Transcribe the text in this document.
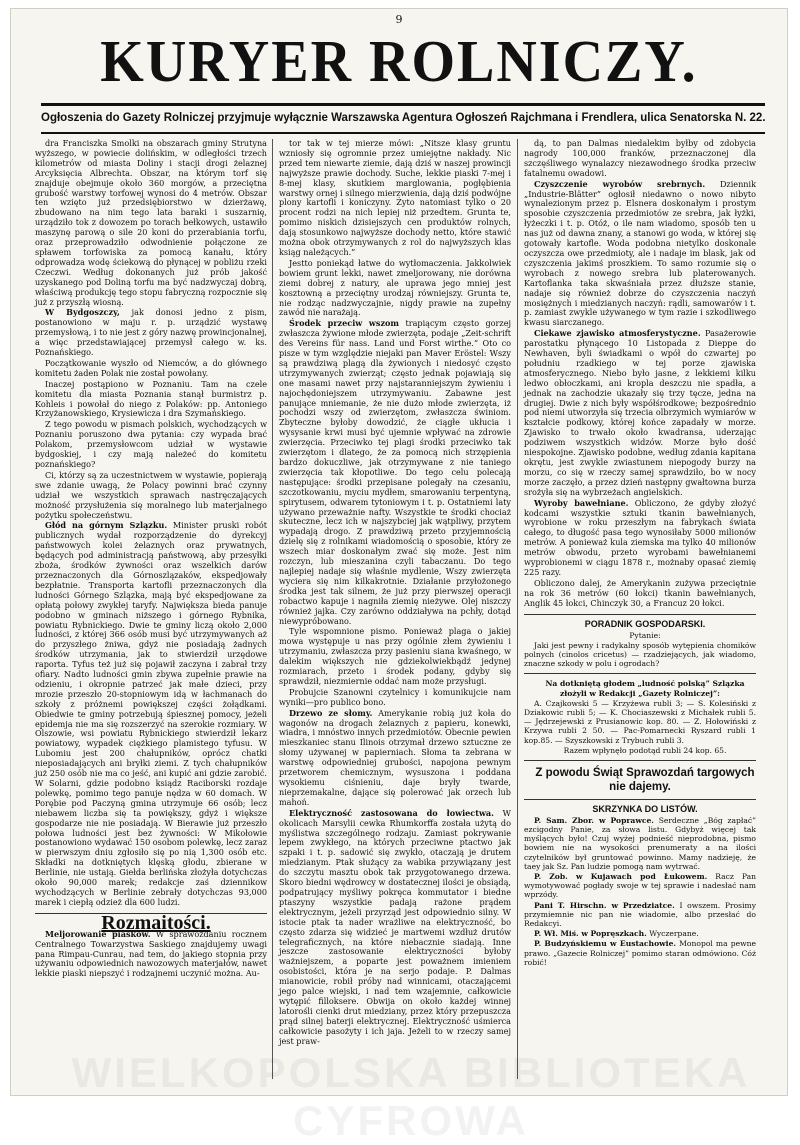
9
KURYER ROLNICZY.
Ogłoszenia do Gazety Rolniczej przyjmuje wyłącznie Warszawska Agentura Ogłoszeń Rajchmana i Frendlera, ulica Senatorska N. 22.

dra Franciszka Smolki na obszarach gminy Strutyna wyższego, w powiecie dolińskim, w odległości trzech kilometrów od miasta Doliny i stacji drogi żelaznej Arcyksięcia Albrechta. Obszar, na którym torf się znajduje obejmuje około 360 morgów, a przeciętna grubość warstwy torfowej wynosi do 4 metrów. Obszar ten wzięto już przedsiębiorstwo w dzierżawę, zbudowano na nim tego lata baraki i suszarnię, urządziło tok z dowozem po torach bełkowych, ustawiło maszynę parową o sile 20 koni do przerabiania torfu, oraz przeprowadziło odwodnienie połączone ze spławem torfowiska za pomocą kanału, który odprowadza wodę ściekową do płynącej w pobliżu rzeki Czeczwi. Według dokonanych już prób jakość uzyskanego pod Doliną torfu ma być nadzwyczaj dobrą, właściwą produkcję tego stopu fabryczną rozpocznie się już z przyszłą wiosną.

W Bydgoszczy, jak donosi jedno z pism, postanowiono w maju r. p. urządzić wystawę przemysłową, i to nie jest z góry nazwę prowincjonalnej, a więc przedstawiającej przemysł całego w. ks. Poznańskiego.

Początkowanie wyszło od Niemców, a do głównego komitetu żaden Polak nie został powołany.

Inaczej postąpiono w Poznaniu. Tam na czele komitetu dla miasta Poznania stanął burmistrz p. Kohleis i powołał do niego z Polaków: pp. Antoniego Krzyżanowskiego, Krysiewicza i dra Szymańskiego.

Z tego powodu w pismach polskich, wychodzących w Poznaniu poruszono dwa pytania: czy wypada brać Polakom, przemysłowcom udział w wystawie bydgoskiej, i czy mają należeć do komitetu poznańskiego?

Ci, którzy są za uczestnictwem w wystawie, popierają swe zdanie uwagą, że Polacy powinni brać czynny udział we wszystkich sprawach nastręczających możność przysłużenia się moralnego lub materjalnego pożytku społeczeństwu.

Głód na górnym Szlązku. Minister pruski robót publicznych wydał rozporządzenie do dyrekcyj państwowych kolei żelaznych oraz prywatnych, będących pod administracją państwową, aby przesyłki zboża, środków żywności oraz wszelkich darów przeznaczonych dla Górnoszlązaków, ekspedjowały bezpłatnie. Transporta kartofli przeznaczonych dla ludności Górnego Szlązka, mają być ekspedjowane za opłatą połowy zwykłej taryfy. Największa bieda panuje podobno w gminach niższego i górnego Rybnika, powiatu Rybnickiego. Dwie te gminy liczą około 2,000 ludności, z której 366 osób musi być utrzymywanych aż do przyszłego żniwa, gdyż nie posiadają żadnych środków utrzymania, jak to stwierdził urzędowe raporta. Tyfus też już się pojawił zaczyna i zabrał trzy ofiary. Nadto ludności gmin zbywa zupełnie prawie na odzieniu, i okropnie patrzeć jak małe dzieci, przy mrozie przeszło 20-stopniowym idą w łachmanach do szkoły z próżnemi powiększej części żołądkami. Obiedwie te gminy potrzebują śpiesznej pomocy, jeżeli epidemja nie ma się rozszerzyć na szerokie rozmiary. W Olszowie, wsi powiatu Rybnickiego stwierdził lekarz powiatowy, wypadek ciężkiego plamistego tyfusu. W Lubomiu jest 200 chałupników, oprócz chatki nieposiadających ani bryłki ziemi. Z tych chałupników już 250 osób nie ma co jeść, ani kupić ani gdzie zarobić. W Solarni, gdzie podobno ksiądz Raciborski rozdaje polewkę, pomimo tego panuje nędza w 60 domach. W Porębie pod Paczyną gmina utrzymuje 66 osób; lecz niebawem liczba się ta powiększy, gdyż i większe gospodarze nie nie posiadają. W Bierawie już przeszło połowa ludności jest bez żywności: W Mikołowie postanowiono wydawać 150 osobom polewkę, lecz zaraz w pierwszym dniu zgłosiło się po nią 1,300 osób etc. Składki na dotkniętych klęską głodu, zbierane w Berlinie, nie ustają. Giełda berlińska złożyła dotychczas około 90,000 marek; redakcje zaś dziennikow wychodzących w Berlinie zebrały dotychczas 93,000 marek i ciepłą odzież dla 600 ludzi.

Rozmaitości.

Meljorowanie piasków. W sprawozdaniu rocznem Centralnego Towarzystwa Saskiego znajdujemy uwagi pana Rimpau-Cunrau, nad tem, do jakiego stopnia przy używaniu odpowiednich nawozowych materjałów, nawet lekkie piaski niepszyć i rodzajnemi uczynić można. Au-

tor tak w tej mierze mówi: „Nitsze klasy gruntu wzniosły się ogromnie przez umiejętne nakłady. Nic przed tem niewarte ziemie, dają dziś w naszej prowincji najwyższe prawie dochody. Suche, lekkie piaski 7-mej i 8-mej klasy, skutkiem marglowania, pogłębienia warstwy ornej i silnego mierzwienia, dają dziś podwójne plony kartofli i koniczyny. Żyto natomiast tylko o 20 procent rodzi na nich lepiej niż przedtem. Grunta te, pomimo niskich dzisiejszych cen produktów rolnych, dają stosunkowo najwyższe dochody netto, które stawić można obok otrzymywanych z rol do najwyższych klas ksiąg należących.”

Jestto poniekąd łatwe do wytłomaczenia. Jakkolwiek bowiem grunt lekki, nawet zmeljorowany, nie dorówna ziemi dobrej z natury, ale uprawa jego mniej jest kosztowną a przeciętny urodzaj równiejszy. Grunta te, nie rodząc nadzwyczajnie, nigdy prawie na zupełny zawód nie narażają.

Środek przeciw wszom trapiącym często gorzej zwłaszcza żywione młode zwierzęta, podaje „Zeit-schrift des Vereins für nass. Land und Forst wirthe.” Oto co pisze w tym względzie niejaki pan Maver Eröstel: Wszy są prawdziwą plagą dla żywionych i niedosyć często utrzymywanych zwierząt; często jednak pojawiają się one masami nawet przy najstaranniejszym żywieniu i najochędoniejszem utrzymywaniu. Zabawne jest panujące mniemanie, że nie dużo młode zwierzęta, iż pochodzi wszy od zwierzętom, zwłaszcza świniom. Zbyteczne byłoby dowodzić, że ciągłe ukłucia i wysysanie krwi musi być ujemnie wpływać na zdrowie zwierzęcia. Przeciwko tej plagi środki przeciwko tak zwierzętom i dlatego, że za pomocą nich strzępienia bardzo dokuczliwe, jak otrzymywane z nie taniego zwierzęcia tak kłopotliwe. Do tego celu polecają następujące: środki przepisane polegały na czesaniu, szczotkowaniu, myciu mydłem, smarowaniu terpentyną, spirytusem, odwarem tytoniowym i t. p. Ostatniemi laty używano przeważnie nafty. Wszystkie te środki chociaż skuteczne, lecz ich w najszybciej jak wątpliwy, przytem wypadają drogo. Z prawdziwą przeto przyjemnością dzielę się z rolnikami wiadomością o sposobie, który ze wszech miar doskonałym zwać się może. Jest nim rozczyn, lub mieszanina czyli tabaczanu. Do tego najlepiej nadaje się właśnie mydlenie, Wszy zwierzęta wyciera się nim kilkakrotnie. Działanie przyłożonego środka jest tak silnem, że już przy pierwszej operacji robactwo kapuje i nagniła ziemię nieżywe. Olej niszczy również jajka. Czy zarówno oddziaływa na pchły, dotąd niewypróbowano.

Tyle wspomnione pismo. Ponieważ plaga o jakiej mowa występuje u nas przy ogólnie złem żywieniu i utrzymaniu, zwłaszcza przy pasieniu siana kwaśnego, w dalekim większych nie gdziekolwiekbądź jedynej rozmiarach, przeto i środek podany, gdyby się sprawdził, niezmiernie oddać nam może przysługi.

Probujcie Szanowni czytelnicy i komunikujcie nam wyniki—pro publico bono.

Drzewo ze słomy. Amerykanie robią już koła do wagonów na drogach żelaznych z papieru, konewki, wiadra, i mnóstwo innych przedmiotów. Obecnie pewien mieszkaniec stanu Ilinois otrzymał drzewo sztuczne ze słomy używanej w papierniach. Słoma ta zebrana w warstwę odpowiedniej grubości, napojona pewnym przetworem chemicznym, wysuszona i poddana wysokiemu ciśnieniu, daje bryły twarde, nieprzemakalne, dające się polerować jak orzech lub mahoń.

Elektryczność zastosowana do łowiectwa. W okolicach Marsylii cewka Rhumkorffa została użytą do myślistwa szczególnego rodzaju. Zamiast pokrywanie lepem zwykłego, na których przeciwne ptactwo jak szpaki i t. p. sadowić się zwykło, otaczają je drutem miedzianym. Ptak służący za wabika przywiązany jest do szczytu masztu obok tak przygotowanego drzewa. Skoro biedni wędrowcy w dostatecznej ilości je obsiądą, podpatrujący myśliwy pokręca kommutator i biedne ptaszyny wszystkie padają rażone prądem elektrycznym, jeżeli przyrząd jest odpowiednio silny. W istocie ptak ta nader wrażliwe na elektryczność, bo często zdarza się widzieć je martwemi wzdłuż drutów telegraficznych, na które niebacznie siadają. Inne jeszcze zastosowanie elektryczności byłoby ważniejszem, a poparte jest poważnem imieniem osobistości, która je na serjo podaje. P. Dalmas mianowicie, robił próby nad winnicami, otaczającemi jego palce wiejski, i nad tem wzajemnie, całkowicie wytępić filloksere. Obwija on około każdej winnej latorośli cienki drut miedziany, przez który przepuszcza prąd silnej baterji elektrycznej. Elektryczność uśmierca całkowicie pasożyty i ich jaja. Jeżeli to w rzeczy samej jest praw-

dą, to pan Dalmas niedalekim byłby od zdobycia nagrody 100,000 franków, przeznaczonej dla szczęśliwego wynalazcy niezawodnego środka przeciw fatalnemu owadowi.

Czyszczenie wyrobów srebrnych. Dziennik „Industrie-Blätter” ogłosił niedawno o nowo nibyto wynalezionym przez p. Elsnera doskonałym i prostym sposobie czyszczenia przedmiotów ze srebra, jak łyżki, łyżeczki i t. p. Otóż, o ile nam wiadomo, sposób ten u nas już od dawna znany, a stanowi go woda, w której się gotowały kartofle. Woda podobna nietylko doskonale oczyszcza owe przedmioty, ale i nadaje im blask, jak od czyszczenia jakimś proszkiem. To samo rozumie się o wyrobach z nowego srebra lub platerowanych. Kartoflanka taka skwaśniała przez dłuższe stanie, nadaje się również dobrze do czyszczenia naczyń mosiężnych i miedzianych naczyń: rądli, samowarów i t. p. zamiast zwykle używanego w tym razie i szkodliwego kwasu siarczanego.

Ciekawe zjawisko atmosferystyczne. Pasażerowie parostatku płynącego 10 Listopada z Dieppe do Newhaven, byli świadkami o wpół do czwartej po południu rzadkiego w tej porze zjawiska atmosferycznego. Niebo było jasne, z lekkiemi kilku ledwo obłoczkami, ani kropla deszczu nie spadła, a jednak na zachodzie ukazały się trzy tęcze, jedna na drugiej. Dwie z nich były współśrodkowe; bezpośrednio pod niemi utworzyła się trzecia olbrzymich wymiarów w kształcie podkowy, której końce zapadały w morze. Zjawisko to trwało około kwadransa, uderzając podziwem wszystkich widzów. Morze było dość niespokojne. Zjawisko podobne, według zdania kapitana okrętu, jest zwykle zwiastunem niepogody burzy na morzu, co się w rzeczy samej sprawdziło, bo w nocy morze zaczęło, a przez dzień następny gwałtowna burza srożyła się na wybrzeżach angielskich.

Wyroby bawełniane. Obliczono, że gdyby złożyć kodcami wszystkie sztuki tkanin bawełnianych, wyrobione w roku przeszłym na fabrykach świata całego, to długość pasa tego wynosiłaby 5000 milionów metrów. A ponieważ kula ziemska ma tylko 40 milionów metrów obwodu, przeto wyrobami bawełnianemi wyprobionemi w ciągu 1878 r., możnaby opasać ziemię 225 razy.

Obliczono dalej, że Amerykanin zużywa przeciętnie na rok 36 metrów (60 łokci) tkanin bawełnianych, Anglik 45 łokci, Chinczyk 30, a Francuz 20 łokci.

PORADNIK GOSPODARSKI.

Pytanie:

Jaki jest pewny i radykalny sposób wytępienia chomików polnych (cinolos cricetus) — rzadziejących, jak wiadomo, znaczne szkody w polu i ogrodach?

Na dotkniętą głodem „ludność polską” Szlązka złożyli w Redakcji „Gazety Rolniczej”:

A. Czajkowski 5 — Krzyżewa rubli 3; — S. Kolesiński z Dziakowic rubli 5; — K. Chociaszewski z Michałek rubli 5. — Jędrzejewski z Prusianowic kop. 80. — Z. Hołowiński z Krzywa rubli 2 50. — Pac-Pomarnecki Ryszard rubli 1 kop.85. — Szyszkowski z Trybuch rubli 3.

Razem wpłynęło podotąd rubli 24 kop. 65.

Z powodu Świąt Sprawozdań targowych nie dajemy.

SKRZYNKA DO LISTÓW.

P. Sam. Zbor. w Poprawce. Serdeczne „Bóg zapłać” ezcigodny Panie, za słowa listu. Gdybyż więcej tak myślących było! Czuj wyżej podnieść nieprodobna, pismo bowiem nie na wysokości prenumeraty a na ilości czytelników był gruntować powinno. Mamy nadzieję, że taey jak Sz. Pan ludzie pomogą nam wytrwać.

P. Zob. w Kujawach pod Łukowem. Racz Pan wymotywować pogłady swoje w tej sprawie i nadesłać nam wprzódy.

Pani T. Hirschn. w Przedziatce. I owszem. Prosimy przymiemnie nic pan nie wiadomie, albo przesłać do Redakcyi.

P. Wł. Miś. w Popręszkach. Wyczerpane.

P. Budzyńskiemu w Eustachowie. Monopol ma pewne prawo. „Gazecie Rolniczej” pomimo staran odmówiono. Cóż robić!

WIELKOPOLSKA BIBLIOTEKA CYFROWA
